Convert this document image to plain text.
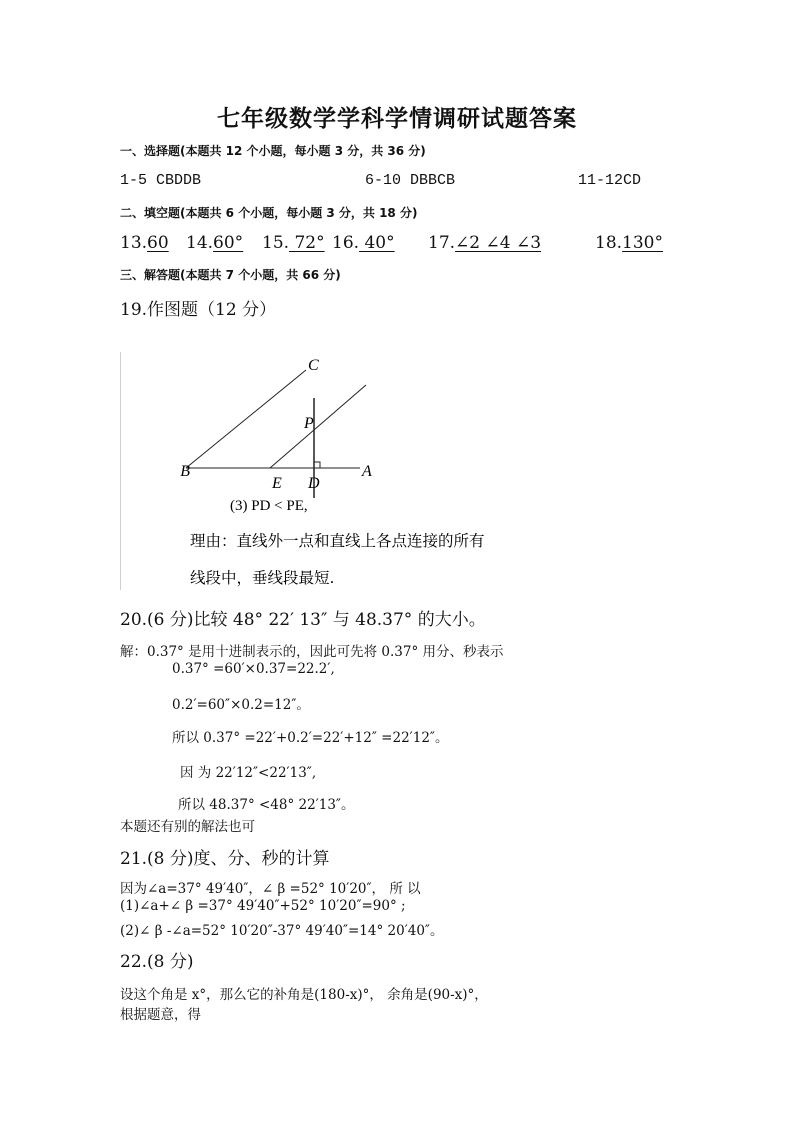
七年级数学学科学情调研试题答案
一、选择题(本题共 12 个小题，每小题 3 分，共 36 分)
1-5 CBDDB	6-10 DBBCB	11-12CD
二、填空题(本题共 6 个小题，每小题 3 分，共 18 分)
13.60 14.60° 15. 72° 16. 40° 17.∠2 ∠4 ∠3	18.130°
三、解答题(本题共 7 个小题，共 66 分)
19.作图题（12 分）
C
P
B
E D
A
(3) PD < PE,
理由：直线外一点和直线上各点连接的所有
线段中，垂线段最短.
20.(6 分)比较 48° 22′ 13″ 与 48.37° 的大小。
解：0.37° 是用十进制表示的，因此可先将 0.37° 用分、秒表示
0.37° =60′×0.37=22.2′,
0.2′=60″×0.2=12″。
所以 0.37° =22′+0.2′=22′+12″ =22′12″。
因 为 22′12″<22′13″,
所以 48.37° <48° 22′13″。
本题还有别的解法也可
21.(8 分)度、分、秒的计算
因为∠a=37° 49′40″，∠ β =52° 10′20″， 所 以
(1)∠a+∠ β =37° 49′40″+52° 10′20″=90° ;
(2)∠ β -∠a=52° 10′20″-37° 49′40″=14° 20′40″。
22.(8 分)
设这个角是 x°，那么它的补角是(180-x)°， 余角是(90-x)°，
根据题意，得
